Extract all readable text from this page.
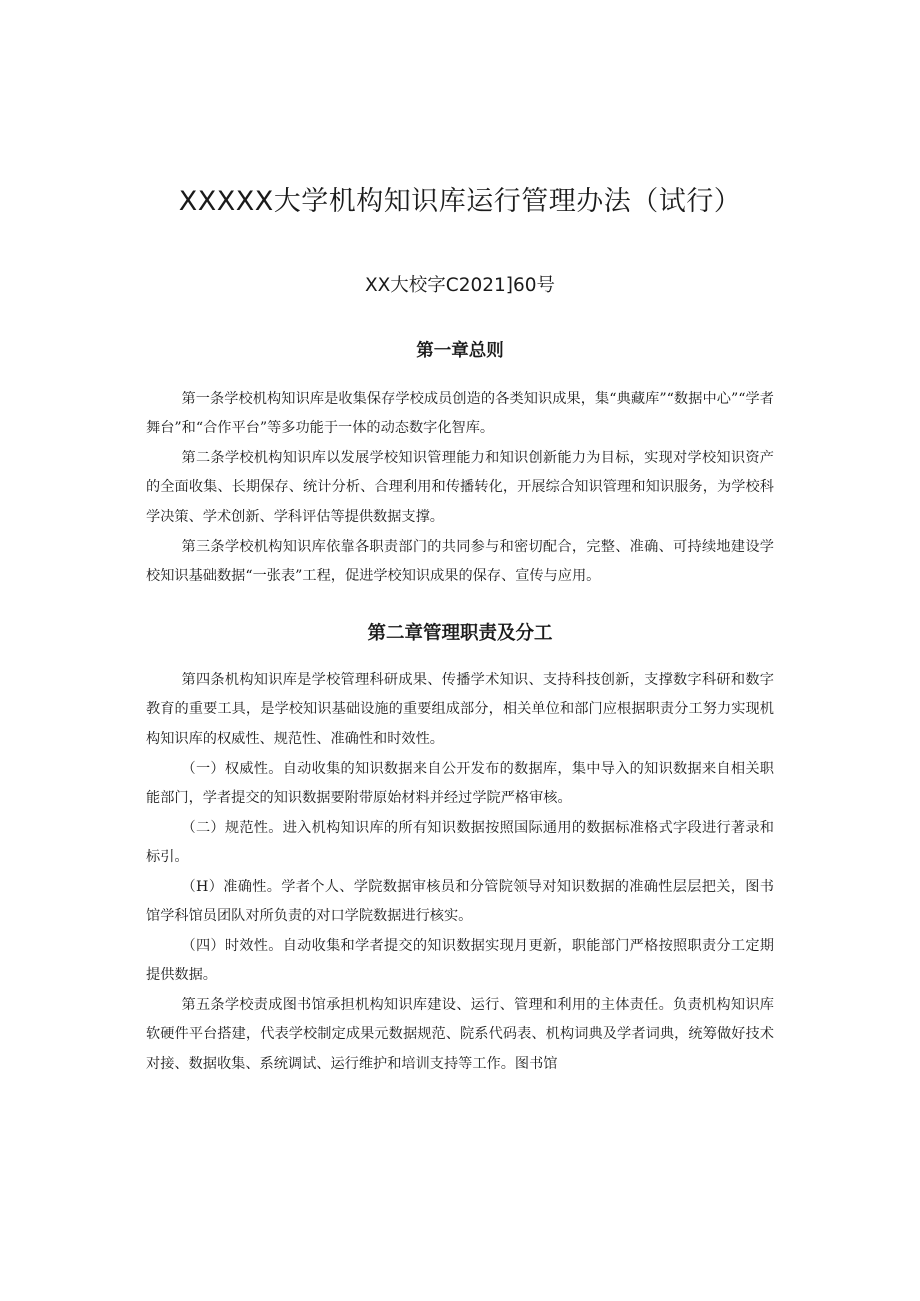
XXXXX大学机构知识库运行管理办法（试行）
XX大校字C2021]60号
第一章总则

第一条学校机构知识库是收集保存学校成员创造的各类知识成果，集“典藏库”“数据中心”“学者舞台”和“合作平台”等多功能于一体的动态数字化智库。

第二条学校机构知识库以发展学校知识管理能力和知识创新能力为目标，实现对学校知识资产的全面收集、长期保存、统计分析、合理利用和传播转化，开展综合知识管理和知识服务，为学校科学决策、学术创新、学科评估等提供数据支撑。

第三条学校机构知识库依靠各职责部门的共同参与和密切配合，完整、准确、可持续地建设学校知识基础数据“一张表”工程，促进学校知识成果的保存、宣传与应用。

第二章管理职责及分工

第四条机构知识库是学校管理科研成果、传播学术知识、支持科技创新，支撑数字科研和数字教育的重要工具，是学校知识基础设施的重要组成部分，相关单位和部门应根据职责分工努力实现机构知识库的权威性、规范性、准确性和时效性。

（一）权威性。自动收集的知识数据来自公开发布的数据库，集中导入的知识数据来自相关职能部门，学者提交的知识数据要附带原始材料并经过学院严格审核。

（二）规范性。进入机构知识库的所有知识数据按照国际通用的数据标准格式字段进行著录和标引。

（H）准确性。学者个人、学院数据审核员和分管院领导对知识数据的准确性层层把关，图书馆学科馆员团队对所负责的对口学院数据进行核实。

（四）时效性。自动收集和学者提交的知识数据实现月更新，职能部门严格按照职责分工定期提供数据。

第五条学校责成图书馆承担机构知识库建设、运行、管理和利用的主体责任。负责机构知识库软硬件平台搭建，代表学校制定成果元数据规范、院系代码表、机构词典及学者词典，统筹做好技术对接、数据收集、系统调试、运行维护和培训支持等工作。图书馆
